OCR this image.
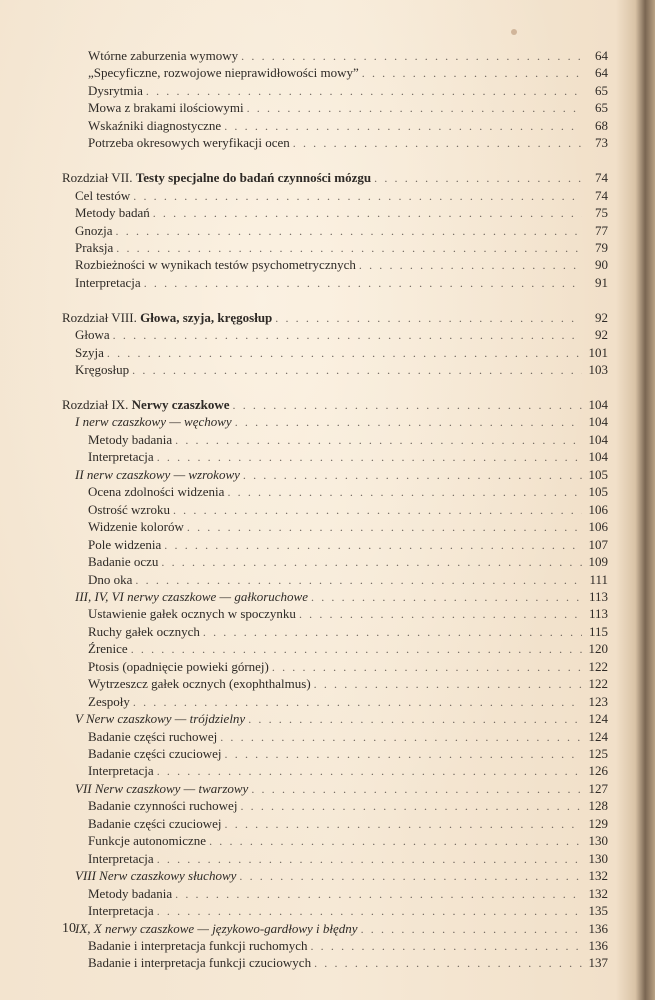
Wtórne zaburzenia wymowy . . .	64
„Specyficzne, rozwojowe nieprawidłowości mowy” . . .	64
Dysrytmia . . .	65
Mowa z brakami ilościowymi . . .	65
Wskaźniki diagnostyczne . . .	68
Potrzeba okresowych weryfikacji ocen . . .	73
Rozdział VII. Testy specjalne do badań czynności mózgu . . .	74
Cel testów . . .	74
Metody badań . . .	75
Gnozja . . .	77
Praksja . . .	79
Rozbieżności w wynikach testów psychometrycznych . . .	90
Interpretacja . . .	91
Rozdział VIII. Głowa, szyja, kręgosłup . . .	92
Głowa . . .	92
Szyja . . .	101
Kręgosłup . . .	103
Rozdział IX. Nerwy czaszkowe . . .	104
I nerw czaszkowy — węchowy . . .	104
Metody badania . . .	104
Interpretacja . . .	104
II nerw czaszkowy — wzrokowy . . .	105
Ocena zdolności widzenia . . .	105
Ostrość wzroku . . .	106
Widzenie kolorów . . .	106
Pole widzenia . . .	107
Badanie oczu . . .	109
Dno oka . . .	111
III, IV, VI nerwy czaszkowe — gałkoruchowe . . .	113
Ustawienie gałek ocznych w spoczynku . . .	113
Ruchy gałek ocznych . . .	115
Źrenice . . .	120
Ptosis (opadnięcie powieki górnej) . . .	122
Wytrzeszcz gałek ocznych (exophthalmus) . . .	122
Zespoły . . .	123
V Nerw czaszkowy — trójdzielny . . .	124
Badanie części ruchowej . . .	124
Badanie części czuciowej . . .	125
Interpretacja . . .	126
VII Nerw czaszkowy — twarzowy . . .	127
Badanie czynności ruchowej . . .	128
Badanie części czuciowej . . .	129
Funkcje autonomiczne . . .	130
Interpretacja . . .	130
VIII Nerw czaszkowy słuchowy . . .	132
Metody badania . . .	132
Interpretacja . . .	135
IX, X nerwy czaszkowe — językowo-gardłowy i błędny . . .	136
Badanie i interpretacja funkcji ruchomych . . .	136
Badanie i interpretacja funkcji czuciowych . . .	137
10
